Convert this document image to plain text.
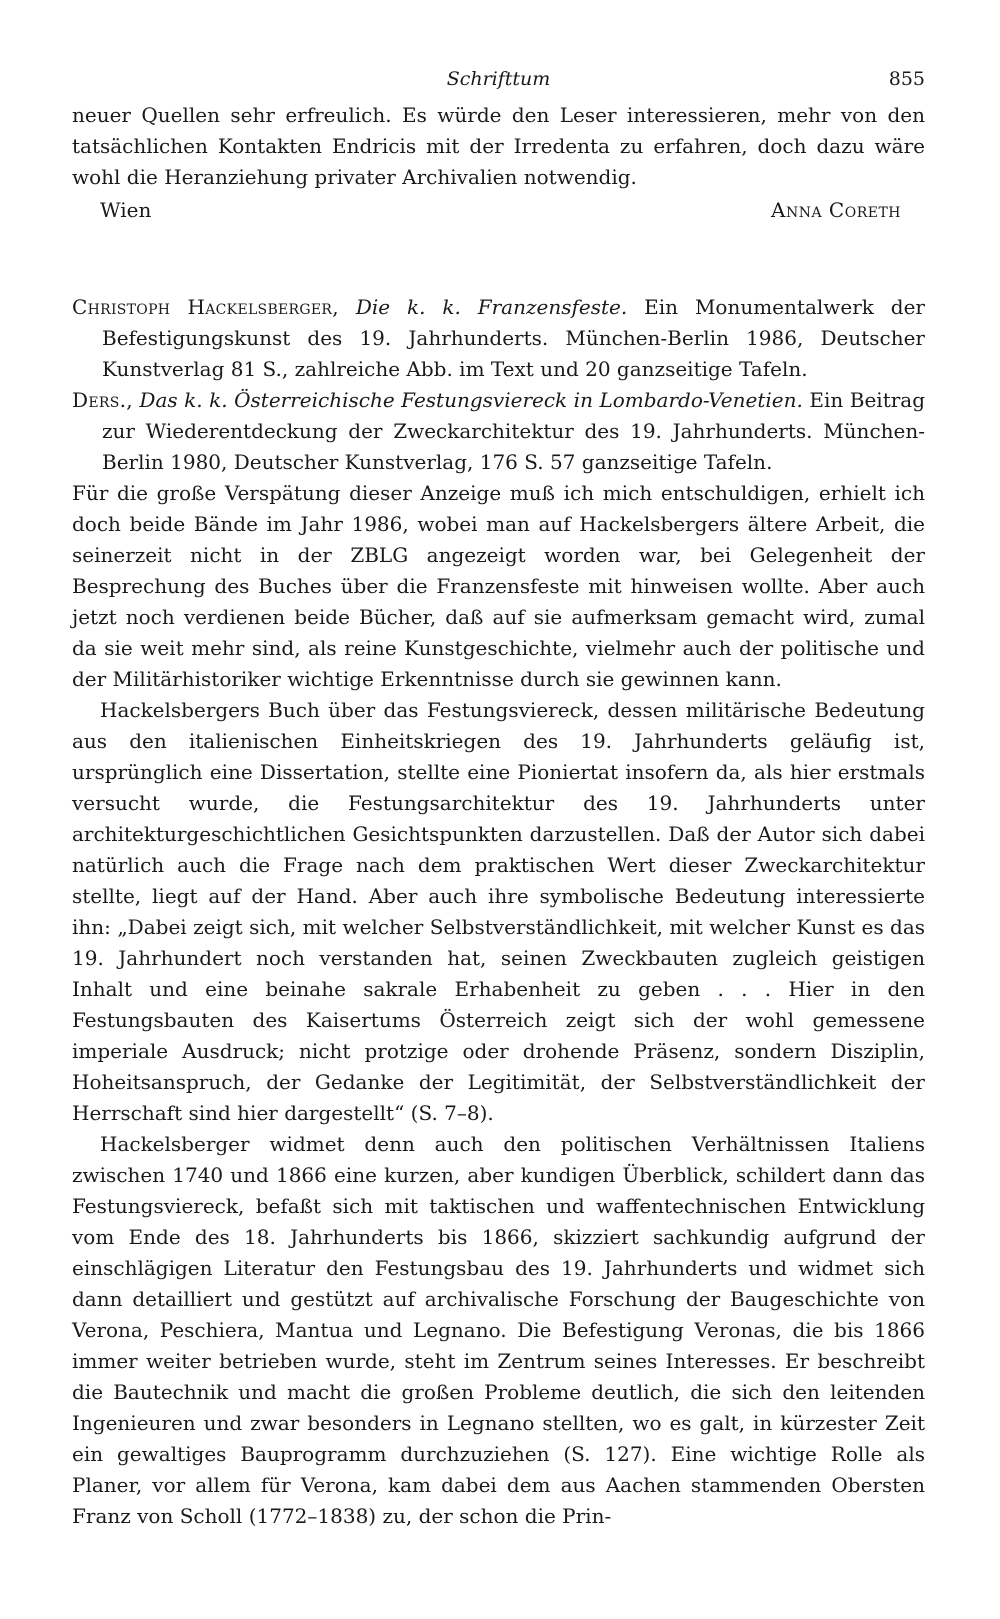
Schrifttum	855

neuer Quellen sehr erfreulich. Es würde den Leser interessieren, mehr von den tatsächlichen Kontakten Endricis mit der Irredenta zu erfahren, doch dazu wäre wohl die Heranziehung privater Archivalien notwendig.

Wien	Anna Coreth
Christoph Hackelsberger, Die k. k. Franzensfeste. Ein Monumentalwerk der Befestigungskunst des 19. Jahrhunderts. München-Berlin 1986, Deutscher Kunstverlag 81 S., zahlreiche Abb. im Text und 20 ganzseitige Tafeln.
Ders., Das k. k. Österreichische Festungsviereck in Lombardo-Venetien. Ein Beitrag zur Wiederentdeckung der Zweckarchitektur des 19. Jahrhunderts. München-Berlin 1980, Deutscher Kunstverlag, 176 S. 57 ganzseitige Tafeln.

Für die große Verspätung dieser Anzeige muß ich mich entschuldigen, erhielt ich doch beide Bände im Jahr 1986, wobei man auf Hackelsbergers ältere Arbeit, die seinerzeit nicht in der ZBLG angezeigt worden war, bei Gelegenheit der Besprechung des Buches über die Franzensfeste mit hinweisen wollte. Aber auch jetzt noch verdienen beide Bücher, daß auf sie aufmerksam gemacht wird, zumal da sie weit mehr sind, als reine Kunstgeschichte, vielmehr auch der politische und der Militärhistoriker wichtige Erkenntnisse durch sie gewinnen kann.

Hackelsbergers Buch über das Festungsviereck, dessen militärische Bedeutung aus den italienischen Einheitskriegen des 19. Jahrhunderts geläufig ist, ursprünglich eine Dissertation, stellte eine Pioniertat insofern da, als hier erstmals versucht wurde, die Festungsarchitektur des 19. Jahrhunderts unter architekturgeschichtlichen Gesichtspunkten darzustellen. Daß der Autor sich dabei natürlich auch die Frage nach dem praktischen Wert dieser Zweckarchitektur stellte, liegt auf der Hand. Aber auch ihre symbolische Bedeutung interessierte ihn: „Dabei zeigt sich, mit welcher Selbstverständlichkeit, mit welcher Kunst es das 19. Jahrhundert noch verstanden hat, seinen Zweckbauten zugleich geistigen Inhalt und eine beinahe sakrale Erhabenheit zu geben . . . Hier in den Festungsbauten des Kaisertums Österreich zeigt sich der wohl gemessene imperiale Ausdruck; nicht protzige oder drohende Präsenz, sondern Disziplin, Hoheitsanspruch, der Gedanke der Legitimität, der Selbstverständlichkeit der Herrschaft sind hier dargestellt“ (S. 7–8).

Hackelsberger widmet denn auch den politischen Verhältnissen Italiens zwischen 1740 und 1866 eine kurzen, aber kundigen Überblick, schildert dann das Festungsviereck, befaßt sich mit taktischen und waffentechnischen Entwicklung vom Ende des 18. Jahrhunderts bis 1866, skizziert sachkundig aufgrund der einschlägigen Literatur den Festungsbau des 19. Jahrhunderts und widmet sich dann detailliert und gestützt auf archivalische Forschung der Baugeschichte von Verona, Peschiera, Mantua und Legnano. Die Befestigung Veronas, die bis 1866 immer weiter betrieben wurde, steht im Zentrum seines Interesses. Er beschreibt die Bautechnik und macht die großen Probleme deutlich, die sich den leitenden Ingenieuren und zwar besonders in Legnano stellten, wo es galt, in kürzester Zeit ein gewaltiges Bauprogramm durchzuziehen (S. 127). Eine wichtige Rolle als Planer, vor allem für Verona, kam dabei dem aus Aachen stammenden Obersten Franz von Scholl (1772–1838) zu, der schon die Prin-
